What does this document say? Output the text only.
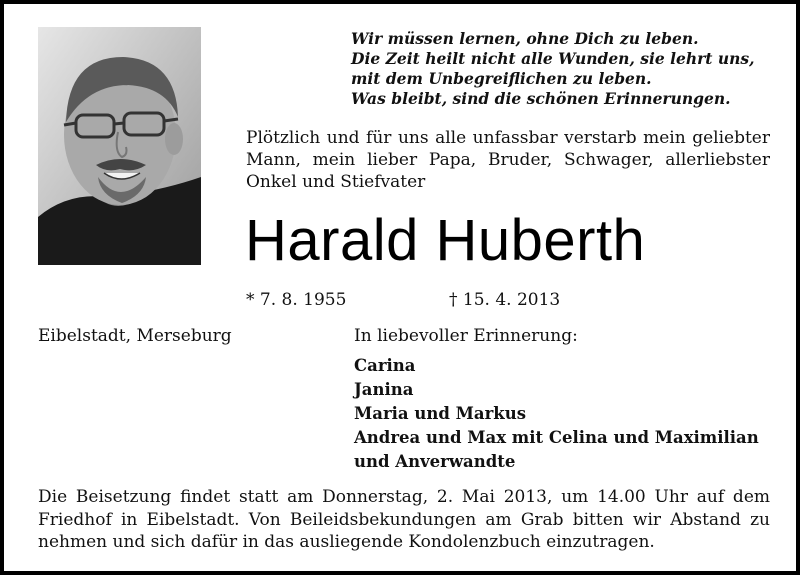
Wir müssen lernen, ohne Dich zu leben.
Die Zeit heilt nicht alle Wunden, sie lehrt uns,
mit dem Unbegreiflichen zu leben.
Was bleibt, sind die schönen Erinnerungen.
Plötzlich und für uns alle unfassbar verstarb mein geliebter Mann, mein lieber Papa, Bruder, Schwager, allerliebster Onkel und Stiefvater
Harald Huberth
* 7. 8. 1955	† 15. 4. 2013
Eibelstadt, Merseburg	In liebevoller Erinnerung:
Carina
Janina
Maria und Markus
Andrea und Max mit Celina und Maximilian
und Anverwandte
Die Beisetzung findet statt am Donnerstag, 2. Mai 2013, um 14.00 Uhr auf dem Friedhof in Eibelstadt. Von Beileidsbekundungen am Grab bitten wir Abstand zu nehmen und sich dafür in das ausliegende Kondolenzbuch einzutragen.
